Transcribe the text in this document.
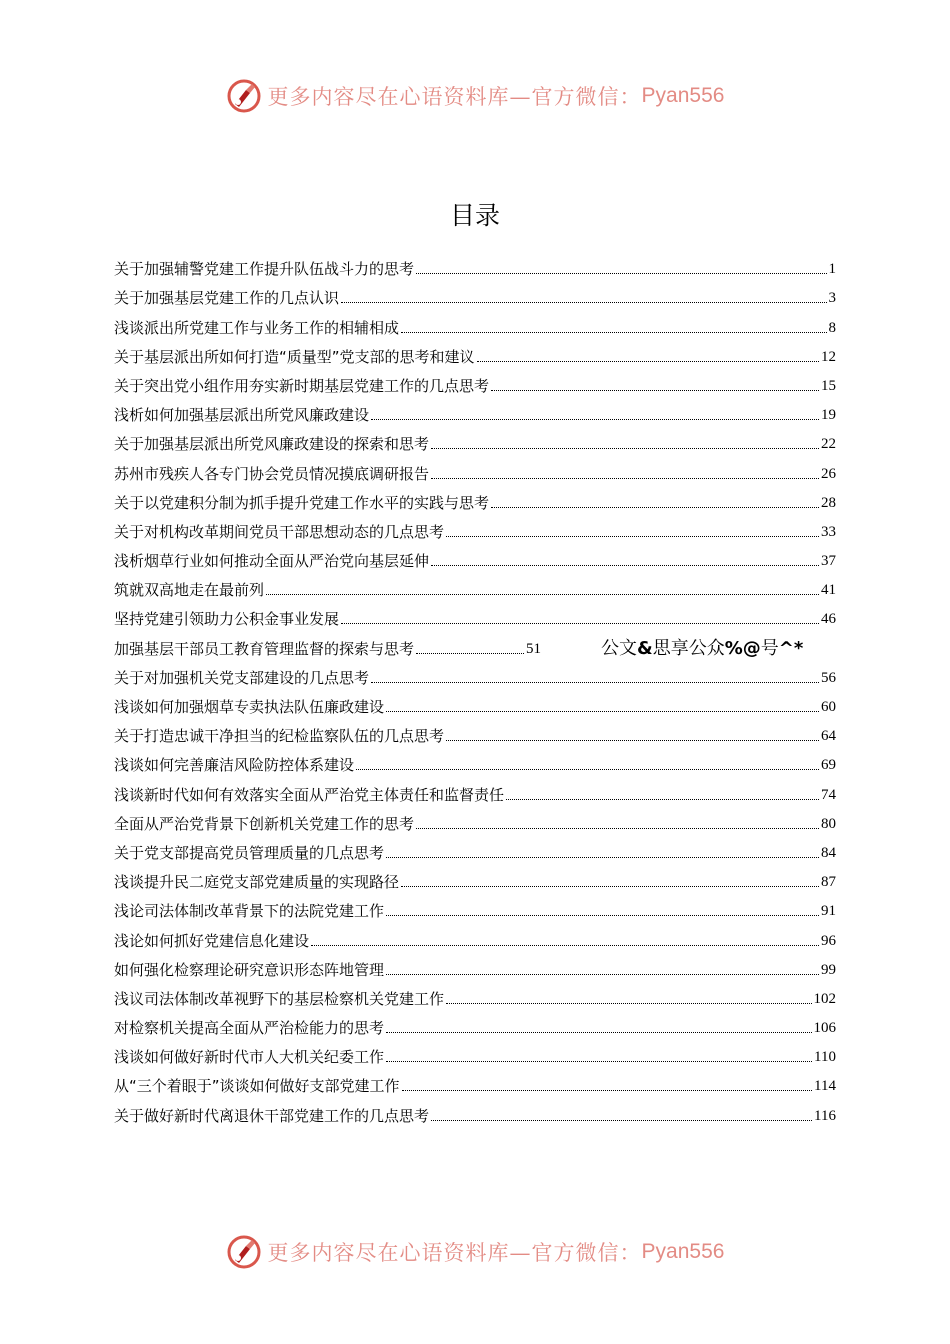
更多内容尽在心语资料库—官方微信： Pyan556
目录
关于加强辅警党建工作提升队伍战斗力的思考	1
关于加强基层党建工作的几点认识	3
浅谈派出所党建工作与业务工作的相辅相成	8
关于基层派出所如何打造“质量型”党支部的思考和建议	12
关于突出党小组作用夯实新时期基层党建工作的几点思考	15
浅析如何加强基层派出所党风廉政建设	19
关于加强基层派出所党风廉政建设的探索和思考	22
苏州市残疾人各专门协会党员情况摸底调研报告	26
关于以党建积分制为抓手提升党建工作水平的实践与思考	28
关于对机构改革期间党员干部思想动态的几点思考	33
浅析烟草行业如何推动全面从严治党向基层延伸	37
筑就双高地走在最前列	41
坚持党建引领助力公积金事业发展	46
加强基层干部员工教育管理监督的探索与思考	51	公文&思享公众%@号^*
关于对加强机关党支部建设的几点思考	56
浅谈如何加强烟草专卖执法队伍廉政建设	60
关于打造忠诚干净担当的纪检监察队伍的几点思考	64
浅谈如何完善廉洁风险防控体系建设	69
浅谈新时代如何有效落实全面从严治党主体责任和监督责任	74
全面从严治党背景下创新机关党建工作的思考	80
关于党支部提高党员管理质量的几点思考	84
浅谈提升民二庭党支部党建质量的实现路径	87
浅论司法体制改革背景下的法院党建工作	91
浅论如何抓好党建信息化建设	96
如何强化检察理论研究意识形态阵地管理	99
浅议司法体制改革视野下的基层检察机关党建工作	102
对检察机关提高全面从严治检能力的思考	106
浅谈如何做好新时代市人大机关纪委工作	110
从“三个着眼于”谈谈如何做好支部党建工作	114
关于做好新时代离退休干部党建工作的几点思考	116
更多内容尽在心语资料库—官方微信： Pyan556
